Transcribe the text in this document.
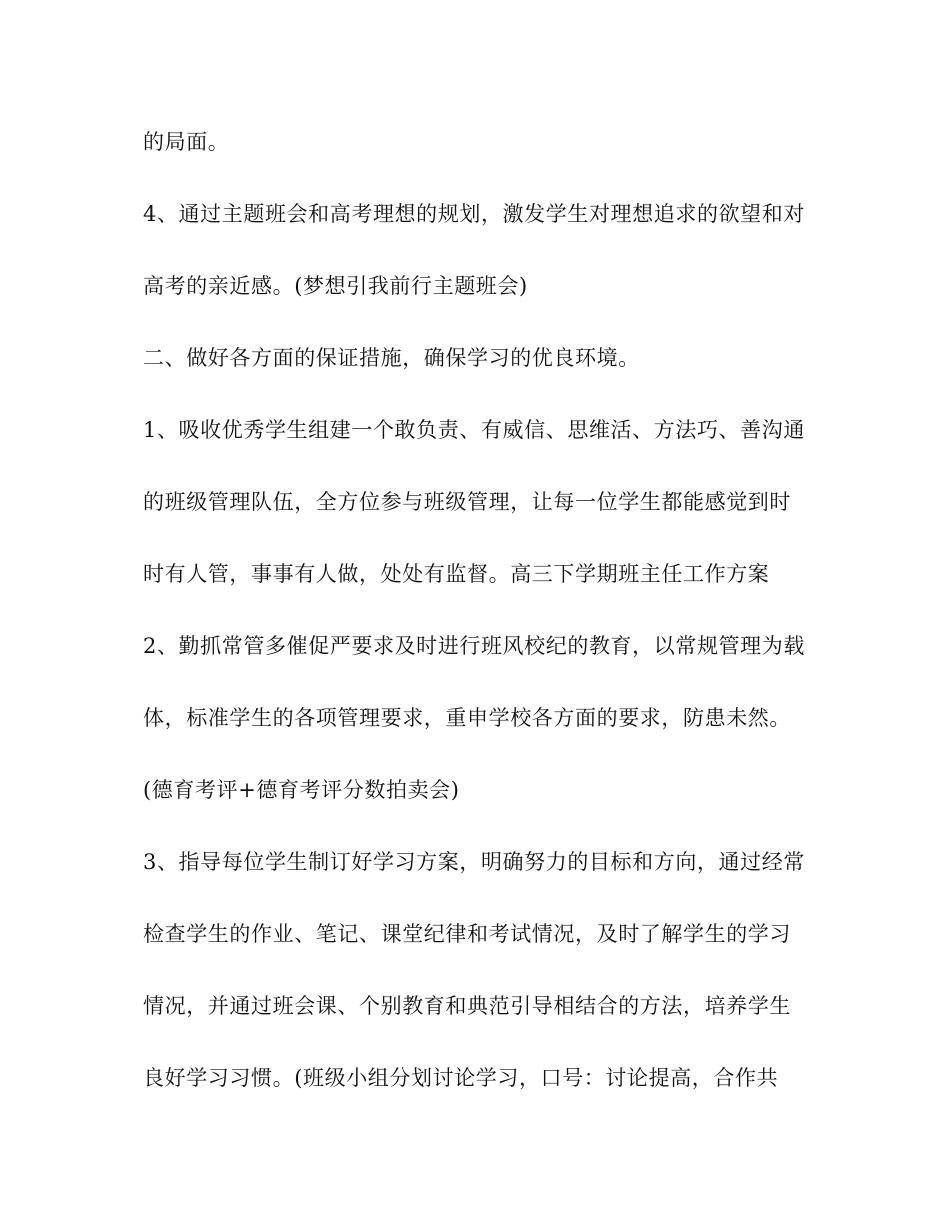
的局面。
4、通过主题班会和高考理想的规划，激发学生对理想追求的欲望和对
高考的亲近感。(梦想引我前行主题班会)
二、做好各方面的保证措施，确保学习的优良环境。
1、吸收优秀学生组建一个敢负责、有威信、思维活、方法巧、善沟通
的班级管理队伍，全方位参与班级管理，让每一位学生都能感觉到时
时有人管，事事有人做，处处有监督。高三下学期班主任工作方案
2、勤抓常管多催促严要求及时进行班风校纪的教育，以常规管理为载
体，标准学生的各项管理要求，重申学校各方面的要求，防患未然。
(德育考评+德育考评分数拍卖会)
3、指导每位学生制订好学习方案，明确努力的目标和方向，通过经常
检查学生的作业、笔记、课堂纪律和考试情况，及时了解学生的学习
情况，并通过班会课、个别教育和典范引导相结合的方法，培养学生
良好学习习惯。(班级小组分划讨论学习，口号：讨论提高，合作共
